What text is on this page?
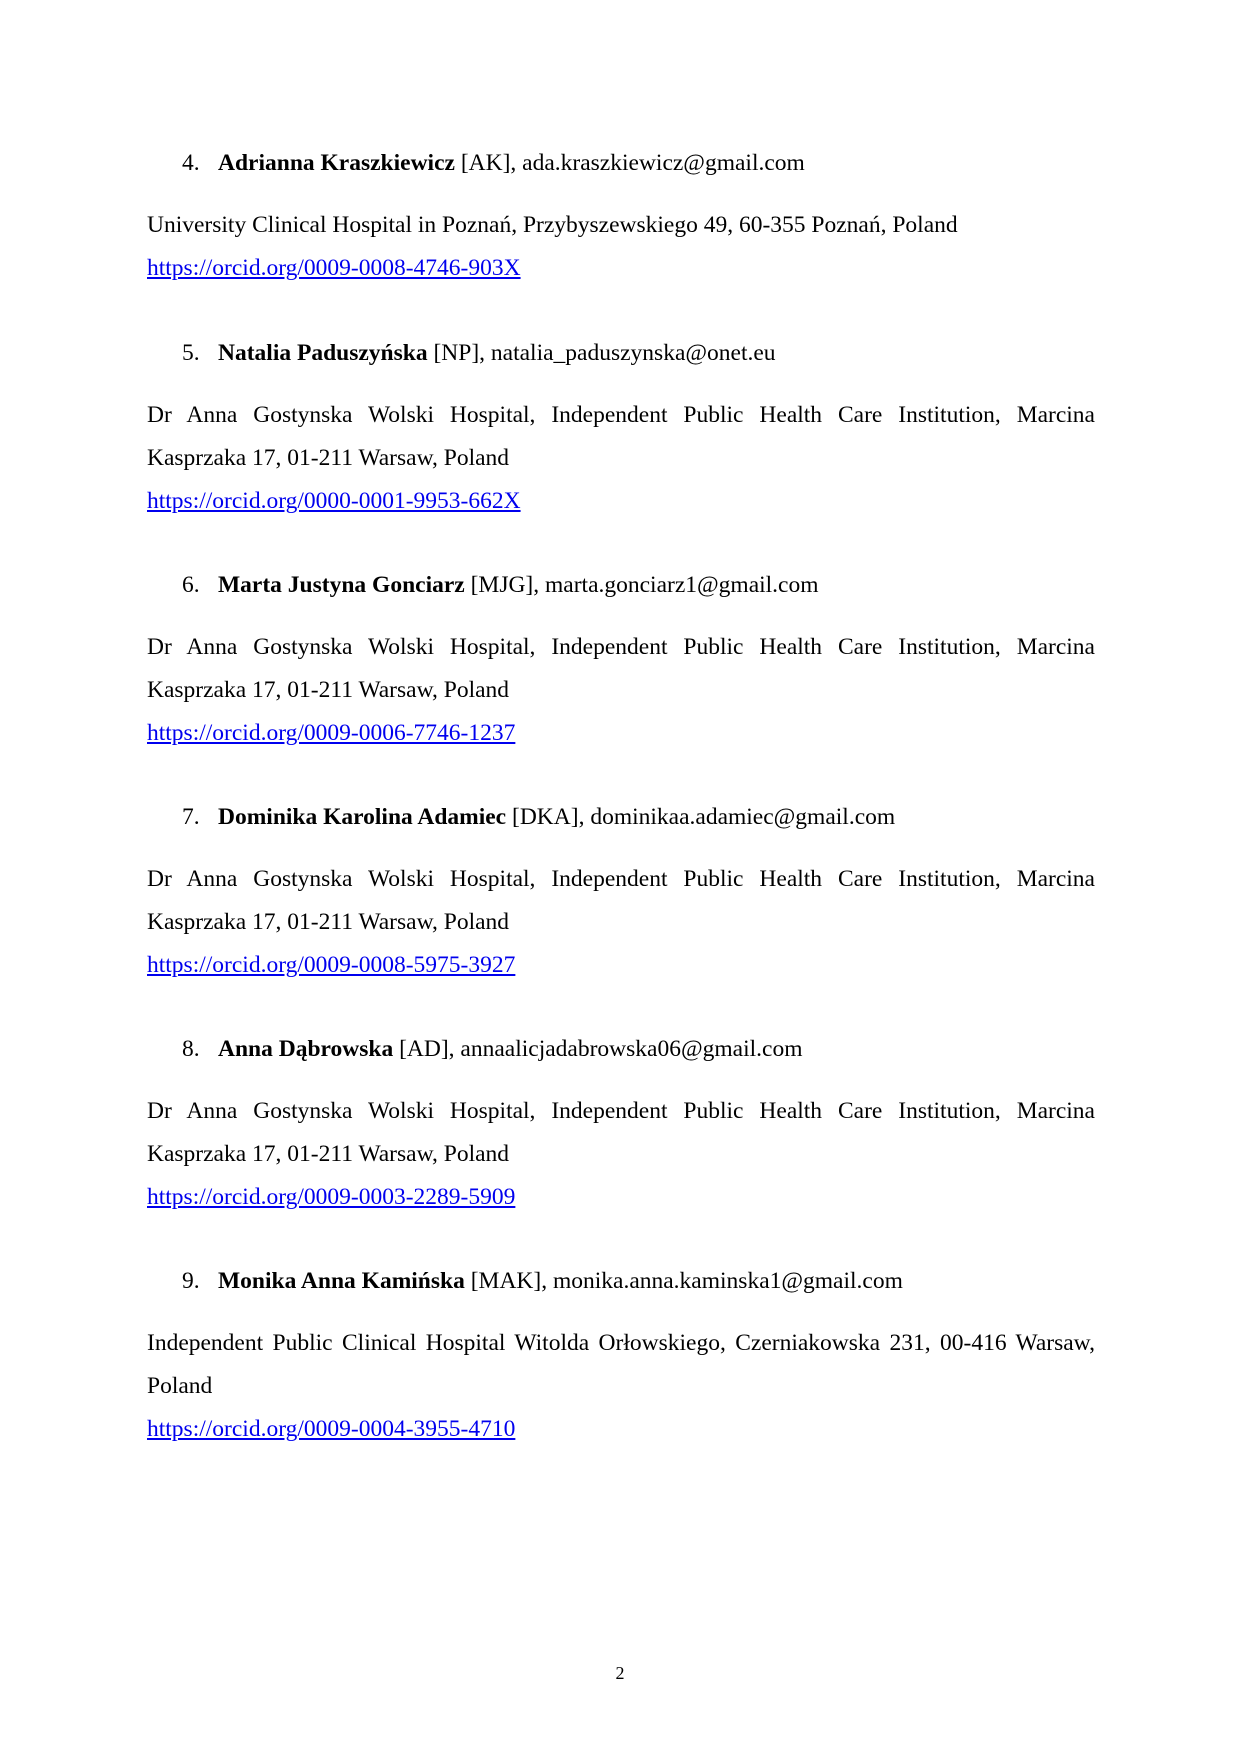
4. Adrianna Kraszkiewicz [AK], ada.kraszkiewicz@gmail.com
University Clinical Hospital in Poznań, Przybyszewskiego 49, 60-355 Poznań, Poland
https://orcid.org/0009-0008-4746-903X
5. Natalia Paduszyńska [NP], natalia_paduszynska@onet.eu
Dr Anna Gostynska Wolski Hospital, Independent Public Health Care Institution, Marcina Kasprzaka 17, 01-211 Warsaw, Poland
https://orcid.org/0000-0001-9953-662X
6. Marta Justyna Gonciarz [MJG], marta.gonciarz1@gmail.com
Dr Anna Gostynska Wolski Hospital, Independent Public Health Care Institution, Marcina Kasprzaka 17, 01-211 Warsaw, Poland
https://orcid.org/0009-0006-7746-1237
7. Dominika Karolina Adamiec [DKA], dominikaa.adamiec@gmail.com
Dr Anna Gostynska Wolski Hospital, Independent Public Health Care Institution, Marcina Kasprzaka 17, 01-211 Warsaw, Poland
https://orcid.org/0009-0008-5975-3927
8. Anna Dąbrowska [AD], annaalicjadabrowska06@gmail.com
Dr Anna Gostynska Wolski Hospital, Independent Public Health Care Institution, Marcina Kasprzaka 17, 01-211 Warsaw, Poland
https://orcid.org/0009-0003-2289-5909
9. Monika Anna Kamińska [MAK], monika.anna.kaminska1@gmail.com
Independent Public Clinical Hospital Witolda Orłowskiego, Czerniakowska 231, 00-416 Warsaw, Poland
https://orcid.org/0009-0004-3955-4710
2
